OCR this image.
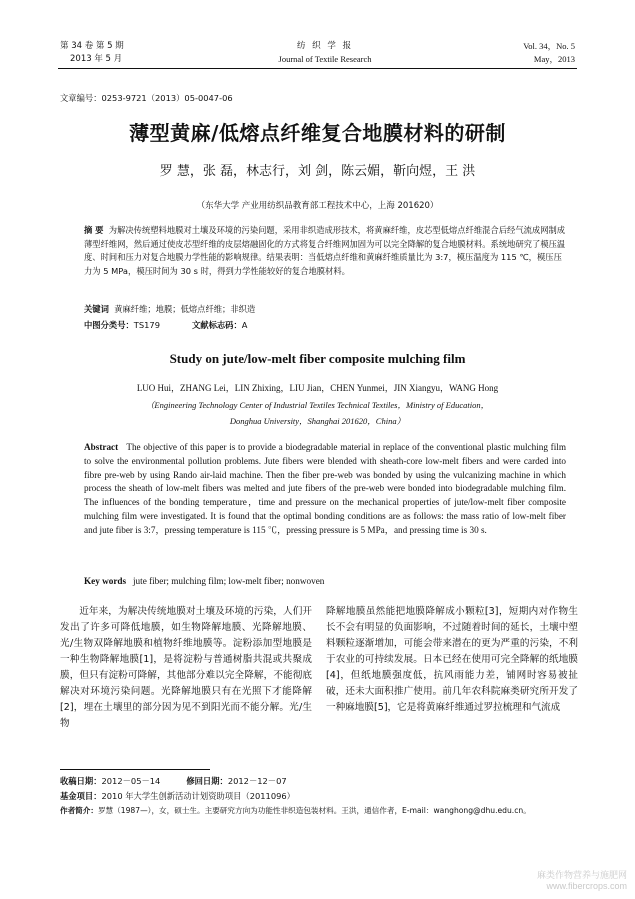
第 34 卷 第 5 期
2013 年 5 月
纺 织 学 报
Journal of Textile Research
Vol. 34，No. 5
May，2013
文章编号：0253-9721（2013）05-0047-06
薄型黄麻/低熔点纤维复合地膜材料的研制
罗 慧，张 磊，林志行，刘 剑，陈云媚，靳向煜，王 洪
（东华大学 产业用纺织品教育部工程技术中心，上海 201620）
摘 要 为解决传统塑料地膜对土壤及环境的污染问题，采用非织造成形技术，将黄麻纤维，皮芯型低熔点纤维混合后经气流成网制成薄型纤维网，然后通过使皮芯型纤维的皮层熔融固化的方式将复合纤维网加固为可以完全降解的复合地膜材料。系统地研究了模压温度、时间和压力对复合地膜力学性能的影响规律。结果表明：当低熔点纤维和黄麻纤维质量比为 3:7，模压温度为 115 ℃，模压压力为 5 MPa，模压时间为 30 s 时，得到力学性能较好的复合地膜材料。
关键词 黄麻纤维；地膜；低熔点纤维；非织造
中图分类号：TS179	文献标志码：A
Study on jute/low-melt fiber composite mulching film
LUO Hui，ZHANG Lei，LIN Zhixing，LIU Jian，CHEN Yunmei，JIN Xiangyu，WANG Hong
（Engineering Technology Center of Industrial Textiles Technical Textiles，Ministry of Education，
Donghua University，Shanghai 201620，China）
Abstract The objective of this paper is to provide a biodegradable material in replace of the conventional plastic mulching film to solve the environmental pollution problems. Jute fibers were blended with sheath-core low-melt fibers and were carded into fibre pre-web by using Rando air-laid machine. Then the fiber pre-web was bonded by using the vulcanizing machine in which process the sheath of low-melt fibers was melted and jute fibers of the pre-web were bonded into biodegradable mulching film. The influences of the bonding temperature，time and pressure on the mechanical properties of jute/low-melt fiber composite mulching film were investigated. It is found that the optimal bonding conditions are as follows: the mass ratio of low-melt fiber and jute fiber is 3:7，pressing temperature is 115 ℃，pressing pressure is 5 MPa，and pressing time is 30 s.
Key words jute fiber; mulching film; low-melt fiber; nonwoven
近年来，为解决传统地膜对土壤及环境的污染，人们开发出了许多可降低地膜，如生物降解地膜、光降解地膜、光/生物双降解地膜和植物纤维地膜等。淀粉添加型地膜是一种生物降解地膜[1]，是将淀粉与普通树脂共混或共聚成膜，但只有淀粉可降解，其他部分难以完全降解，不能彻底解决对环境污染问题。光降解地膜只有在光照下才能降解[2]，埋在土壤里的部分因为见不到阳光而不能分解。光/生物
降解地膜虽然能把地膜降解成小颗粒[3]，短期内对作物生长不会有明显的负面影响，不过随着时间的延长，土壤中塑料颗粒逐渐增加，可能会带来潜在的更为严重的污染，不利于农业的可持续发展。日本已经在使用可完全降解的纸地膜[4]，但纸地膜强度低，抗风雨能力差，铺网时容易被扯破，还未大面积推广使用。前几年农科院麻类研究所开发了一种麻地膜[5]，它是将黄麻纤维通过罗拉梳理和气流成
收稿日期：2012－05－14	修回日期：2012－12－07
基金项目：2010 年大学生创新活动计划资助项目（2011096）
作者简介：罗慧（1987—），女，硕士生。主要研究方向为功能性非织造包装材料。王洪，通信作者，E-mail：wanghong@dhu.edu.cn。
麻类作物营养与施肥网
www.fibercrops.com
